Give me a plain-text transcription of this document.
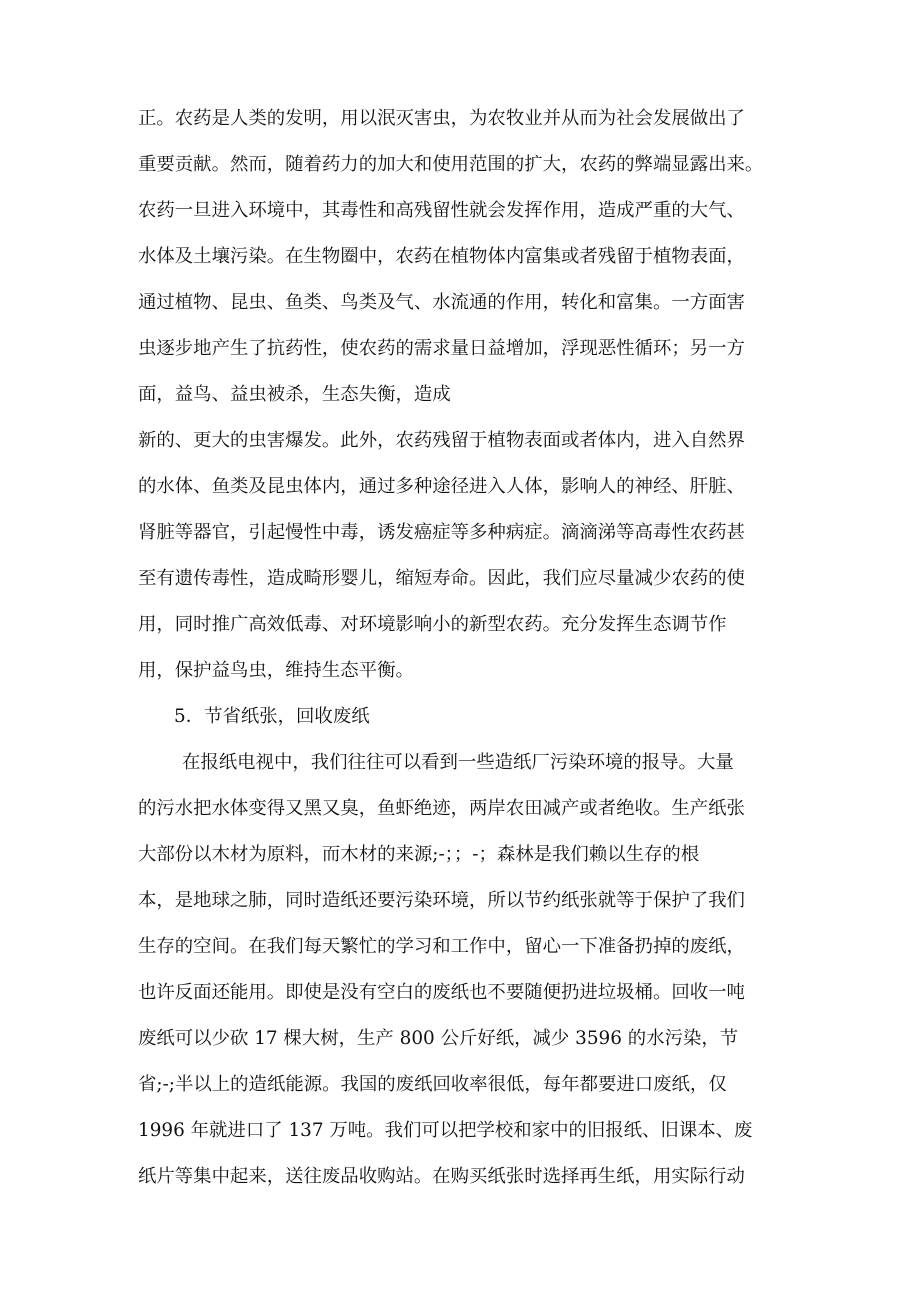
正。农药是人类的发明，用以泯灭害虫，为农牧业并从而为社会发展做出了
重要贡献。然而，随着药力的加大和使用范围的扩大，农药的弊端显露出来。
农药一旦进入环境中，其毒性和高残留性就会发挥作用，造成严重的大气、
水体及土壤污染。在生物圈中，农药在植物体内富集或者残留于植物表面，
通过植物、昆虫、鱼类、鸟类及气、水流通的作用，转化和富集。一方面害
虫逐步地产生了抗药性，使农药的需求量日益增加，浮现恶性循环；另一方
面，益鸟、益虫被杀，生态失衡，造成
新的、更大的虫害爆发。此外，农药残留于植物表面或者体内，进入自然界
的水体、鱼类及昆虫体内，通过多种途径进入人体，影响人的神经、肝脏、
肾脏等器官，引起慢性中毒，诱发癌症等多种病症。滴滴涕等高毒性农药甚
至有遗传毒性，造成畸形婴儿，缩短寿命。因此，我们应尽量减少农药的使
用，同时推广高效低毒、对环境影响小的新型农药。充分发挥生态调节作
用，保护益鸟虫，维持生态平衡。
5．节省纸张，回收废纸
在报纸电视中，我们往往可以看到一些造纸厂污染环境的报导。大量
的污水把水体变得又黑又臭，鱼虾绝迹，两岸农田减产或者绝收。生产纸张
大部份以木材为原料，而木材的来源;-；；-；森林是我们赖以生存的根
本，是地球之肺，同时造纸还要污染环境，所以节约纸张就等于保护了我们
生存的空间。在我们每天繁忙的学习和工作中，留心一下准备扔掉的废纸，
也许反面还能用。即使是没有空白的废纸也不要随便扔进垃圾桶。回收一吨
废纸可以少砍 17 棵大树，生产 800 公斤好纸，减少 3596 的水污染，节
省;-;半以上的造纸能源。我国的废纸回收率很低，每年都要进口废纸，仅
1996 年就进口了 137 万吨。我们可以把学校和家中的旧报纸、旧课本、废
纸片等集中起来，送往废品收购站。在购买纸张时选择再生纸，用实际行动
